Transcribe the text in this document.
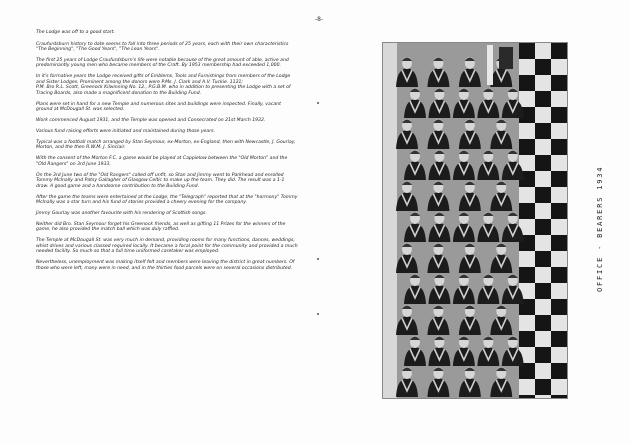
-8-

The Lodge was off to a good start.

Craufurdsburn history to date seems to fall into three periods of 25 years, each with their own characteristics "The Beginning", "The Good Years", "The Lean Years".

The first 25 years of Lodge Craufurdsburn's life were notable because of the great amount of able, active and predominantly young men who became members of the Craft. By 1953 membership had exceeded 1,000.

In it's formative years the Lodge received gifts of Emblems, Tools and Furnishings from members of the Lodge and Sister Lodges. Prominent among the donors were P.Ms. J. Clark and A.V. Tuckie. 1121;
P.M. Bro R.L. Scott, Greenock Kilwinning No. 12., P.G.B.M. who in addition to presenting the Lodge with a set of Tracing Boards, also made a magnificent donation to the Building Fund.

Plans were set in hand for a new Temple and numerous sites and buildings were inspected. Finally, vacant ground at McDougall St. was selected.

Work commenced August 1931, and the Temple was opened and Consecrated on 21st March 1932.

Various fund raising efforts were initiated and maintained during those years.

Typical was a football match arranged by Stan Seymour, ex-Morton, ex-England, then with Newcastle, J. Gourlay, Morton, and the then R.W.M. J. Sinclair.

With the consent of the Morton F.C. a game would be played at Cappielow between the "Old Morton" and the "Old Rangers" on 3rd June 1933.

On the 3rd June two of the "Old Rangers" called off unfit, so Stan and Jimmy went to Parkhead and enrolled Tommy McInally and Patsy Gallagher of Glasgow Celtic to make up the team. They did. The result was a 1-1 draw. A good game and a handsome contribution to the Building Fund.

After the game the teams were entertained at the Lodge, the "Telegraph" reported that at the "harmony" Tommy McInally was a star turn and his fund of stories provided a cheery evening for the company.

Jimmy Gourlay was another favourite with his rendering of Scottish songs.

Neither did Bro. Stan Seymour forget his Greenock friends, as well as gifting 11 Prizes for the winners of the game, he also provided the match ball which was duly raffled.

The Temple at McDougall St. was very much in demand, providing rooms for many functions, dances, weddings, whist drives and various classed required locally. It became a focal point for the community and provided a much needed facility. So much so that a full time uniformed caretaker was employed.

Nevertheless, unemployment was making itself felt and members were leaving the district in great numbers. Of those who were left, many were in need, and in the thirties food parcels were on several occasions distributed.	OFFICE - BEARERS 1934
